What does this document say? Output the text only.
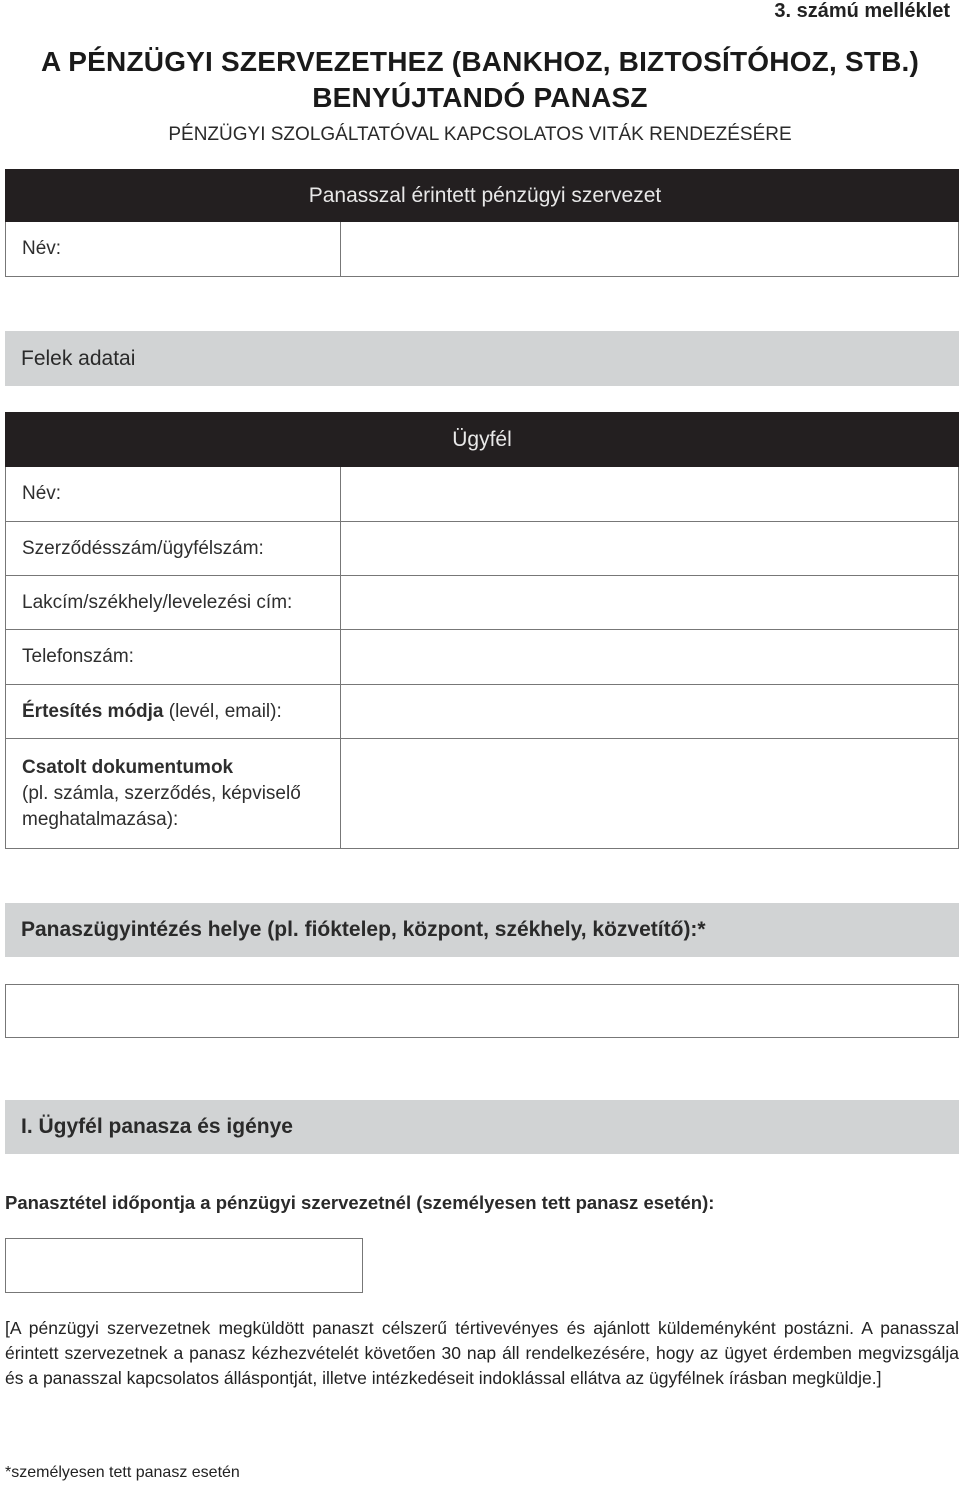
3. számú melléklet
A PÉNZÜGYI SZERVEZETHEZ (BANKHOZ, BIZTOSÍTÓHOZ, STB.)
BENYÚJTANDÓ PANASZ
PÉNZÜGYI SZOLGÁLTATÓVAL KAPCSOLATOS VITÁK RENDEZÉSÉRE
Panasszal érintett pénzügyi szervezet
Név:
Felek adatai
Ügyfél
Név:
Szerződésszám/ügyfélszám:
Lakcím/székhely/levelezési cím:
Telefonszám:
Értesítés módja (levél, email):
Csatolt dokumentumok
(pl. számla, szerződés, képviselő
meghatalmazása):
Panaszügyintézés helye (pl. fióktelep, központ, székhely, közvetítő):*
I. Ügyfél panasza és igénye
Panasztétel időpontja a pénzügyi szervezetnél (személyesen tett panasz esetén):
[A pénzügyi szervezetnek megküldött panaszt célszerű tértivevényes és ajánlott küldeményként postázni. A panasszal érintett szervezetnek a panasz kézhezvételét követően 30 nap áll rendelkezésére, hogy az ügyet érdemben megvizsgálja és a panasszal kapcsolatos álláspontját, illetve intézkedéseit indoklással ellátva az ügyfélnek írásban megküldje.]
*személyesen tett panasz esetén
